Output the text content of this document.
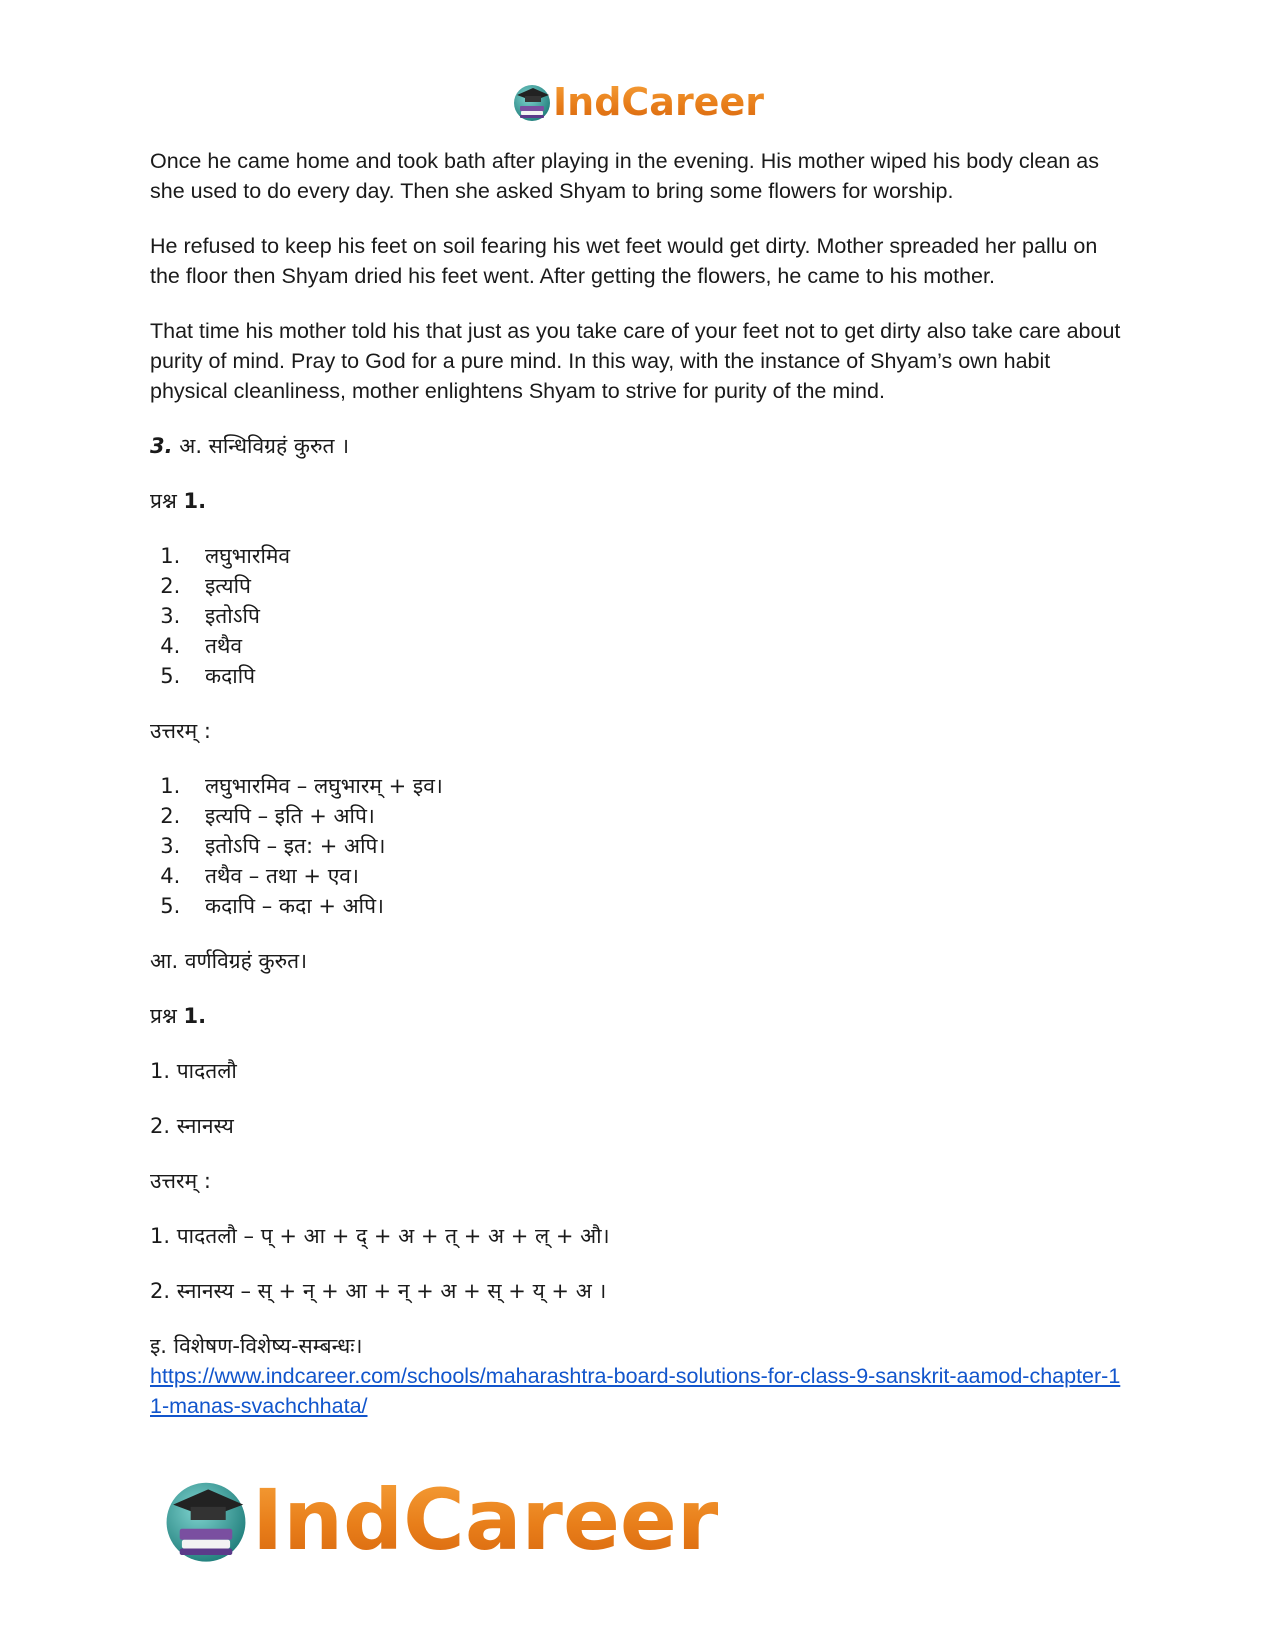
IndCareer

Once he came home and took bath after playing in the evening. His mother wiped his body clean as she used to do every day. Then she asked Shyam to bring some flowers for worship.

He refused to keep his feet on soil fearing his wet feet would get dirty. Mother spreaded her pallu on the floor then Shyam dried his feet went. After getting the flowers, he came to his mother.

That time his mother told his that just as you take care of your feet not to get dirty also take care about purity of mind. Pray to God for a pure mind. In this way, with the instance of Shyam’s own habit physical cleanliness, mother enlightens Shyam to strive for purity of the mind.

3. अ. सन्धिविग्रहं कुरुत ।

प्रश्न 1.

1. लघुभारमिव
2. इत्यपि
3. इतोऽपि
4. तथैव
5. कदापि

उत्तरम् :

1. लघुभारमिव – लघुभारम् + इव।
2. इत्यपि – इति + अपि।
3. इतोऽपि – इत: + अपि।
4. तथैव – तथा + एव।
5. कदापि – कदा + अपि।

आ. वर्णविग्रहं कुरुत।

प्रश्न 1.

1. पादतलौ

2. स्नानस्य

उत्तरम् :

1. पादतलौ – प् + आ + द् + अ + त् + अ + ल् + औ।

2. स्नानस्य – स् + न् + आ + न् + अ + स् + य् + अ ।

इ. विशेषण-विशेष्य-सम्बन्धः।

https://www.indcareer.com/schools/maharashtra-board-solutions-for-class-9-sanskrit-aamod-chapter-11-manas-svachchhata/
IndCareer
